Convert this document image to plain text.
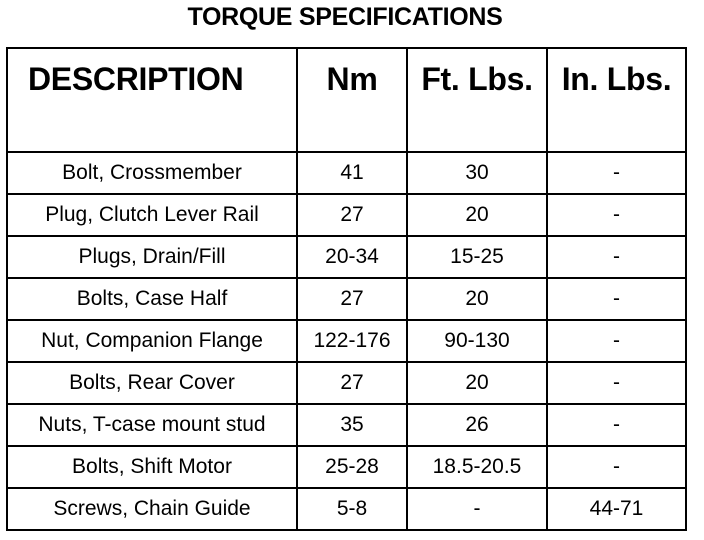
TORQUE SPECIFICATIONS
DESCRIPTION	Nm	Ft. Lbs.	In. Lbs.
Bolt, Crossmember	41	30	-
Plug, Clutch Lever Rail	27	20	-
Plugs, Drain/Fill	20-34	15-25	-
Bolts, Case Half	27	20	-
Nut, Companion Flange	122-176	90-130	-
Bolts, Rear Cover	27	20	-
Nuts, T-case mount stud	35	26	-
Bolts, Shift Motor	25-28	18.5-20.5	-
Screws, Chain Guide	5-8	-	44-71
